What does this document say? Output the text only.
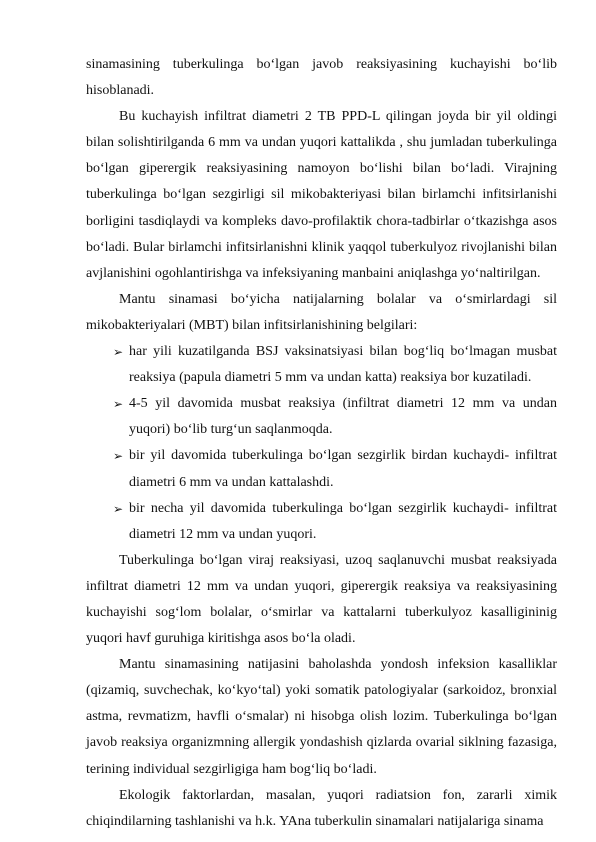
sinamasining tuberkulinga bo‘lgan javob reaksiyasining kuchayishi bo‘lib hisoblanadi.

Bu kuchayish infiltrat diametri 2 TB PPD-L qilingan joyda bir yil oldingi bilan solishtirilganda 6 mm va undan yuqori kattalikda , shu jumladan tuberkulinga bo‘lgan giperergik reaksiyasining namoyon bo‘lishi bilan bo‘ladi. Virajning tuberkulinga bo‘lgan sezgirligi sil mikobakteriyasi bilan birlamchi infitsirlanishi borligini tasdiqlaydi va kompleks davo-profilaktik chora-tadbirlar o‘tkazishga asos bo‘ladi. Bular birlamchi infitsirlanishni klinik yaqqol tuberkulyoz rivojlanishi bilan avjlanishini ogohlantirishga va infeksiyaning manbaini aniqlashga yo‘naltirilgan.

Mantu sinamasi bo‘yicha natijalarning bolalar va o‘smirlardagi sil mikobakteriyalari (MBT) bilan infitsirlanishining belgilari:

➢ har yili kuzatilganda BSJ vaksinatsiyasi bilan bog‘liq bo‘lmagan musbat reaksiya (papula diametri 5 mm va undan katta) reaksiya bor kuzatiladi.
➢ 4-5 yil davomida musbat reaksiya (infiltrat diametri 12 mm va undan yuqori) bo‘lib turg‘un saqlanmoqda.
➢ bir yil davomida tuberkulinga bo‘lgan sezgirlik birdan kuchaydi- infiltrat diametri 6 mm va undan kattalashdi.
➢ bir necha yil davomida tuberkulinga bo‘lgan sezgirlik kuchaydi- infiltrat diametri 12 mm va undan yuqori.

Tuberkulinga bo‘lgan viraj reaksiyasi, uzoq saqlanuvchi musbat reaksiyada infiltrat diametri 12 mm va undan yuqori, giperergik reaksiya va reaksiyasining kuchayishi sog‘lom bolalar, o‘smirlar va kattalarni tuberkulyoz kasalligininig yuqori havf guruhiga kiritishga asos bo‘la oladi.

Mantu sinamasining natijasini baholashda yondosh infeksion kasalliklar (qizamiq, suvchechak, ko‘kyo‘tal) yoki somatik patologiyalar (sarkoidoz, bronxial astma, revmatizm, havfli o‘smalar) ni hisobga olish lozim. Tuberkulinga bo‘lgan javob reaksiya organizmning allergik yondashish qizlarda ovarial siklning fazasiga, terining individual sezgirligiga ham bog‘liq bo‘ladi.

Ekologik faktorlardan, masalan, yuqori radiatsion fon, zararli ximik chiqindilarning tashlanishi va h.k. YAna tuberkulin sinamalari natijalariga sinama
